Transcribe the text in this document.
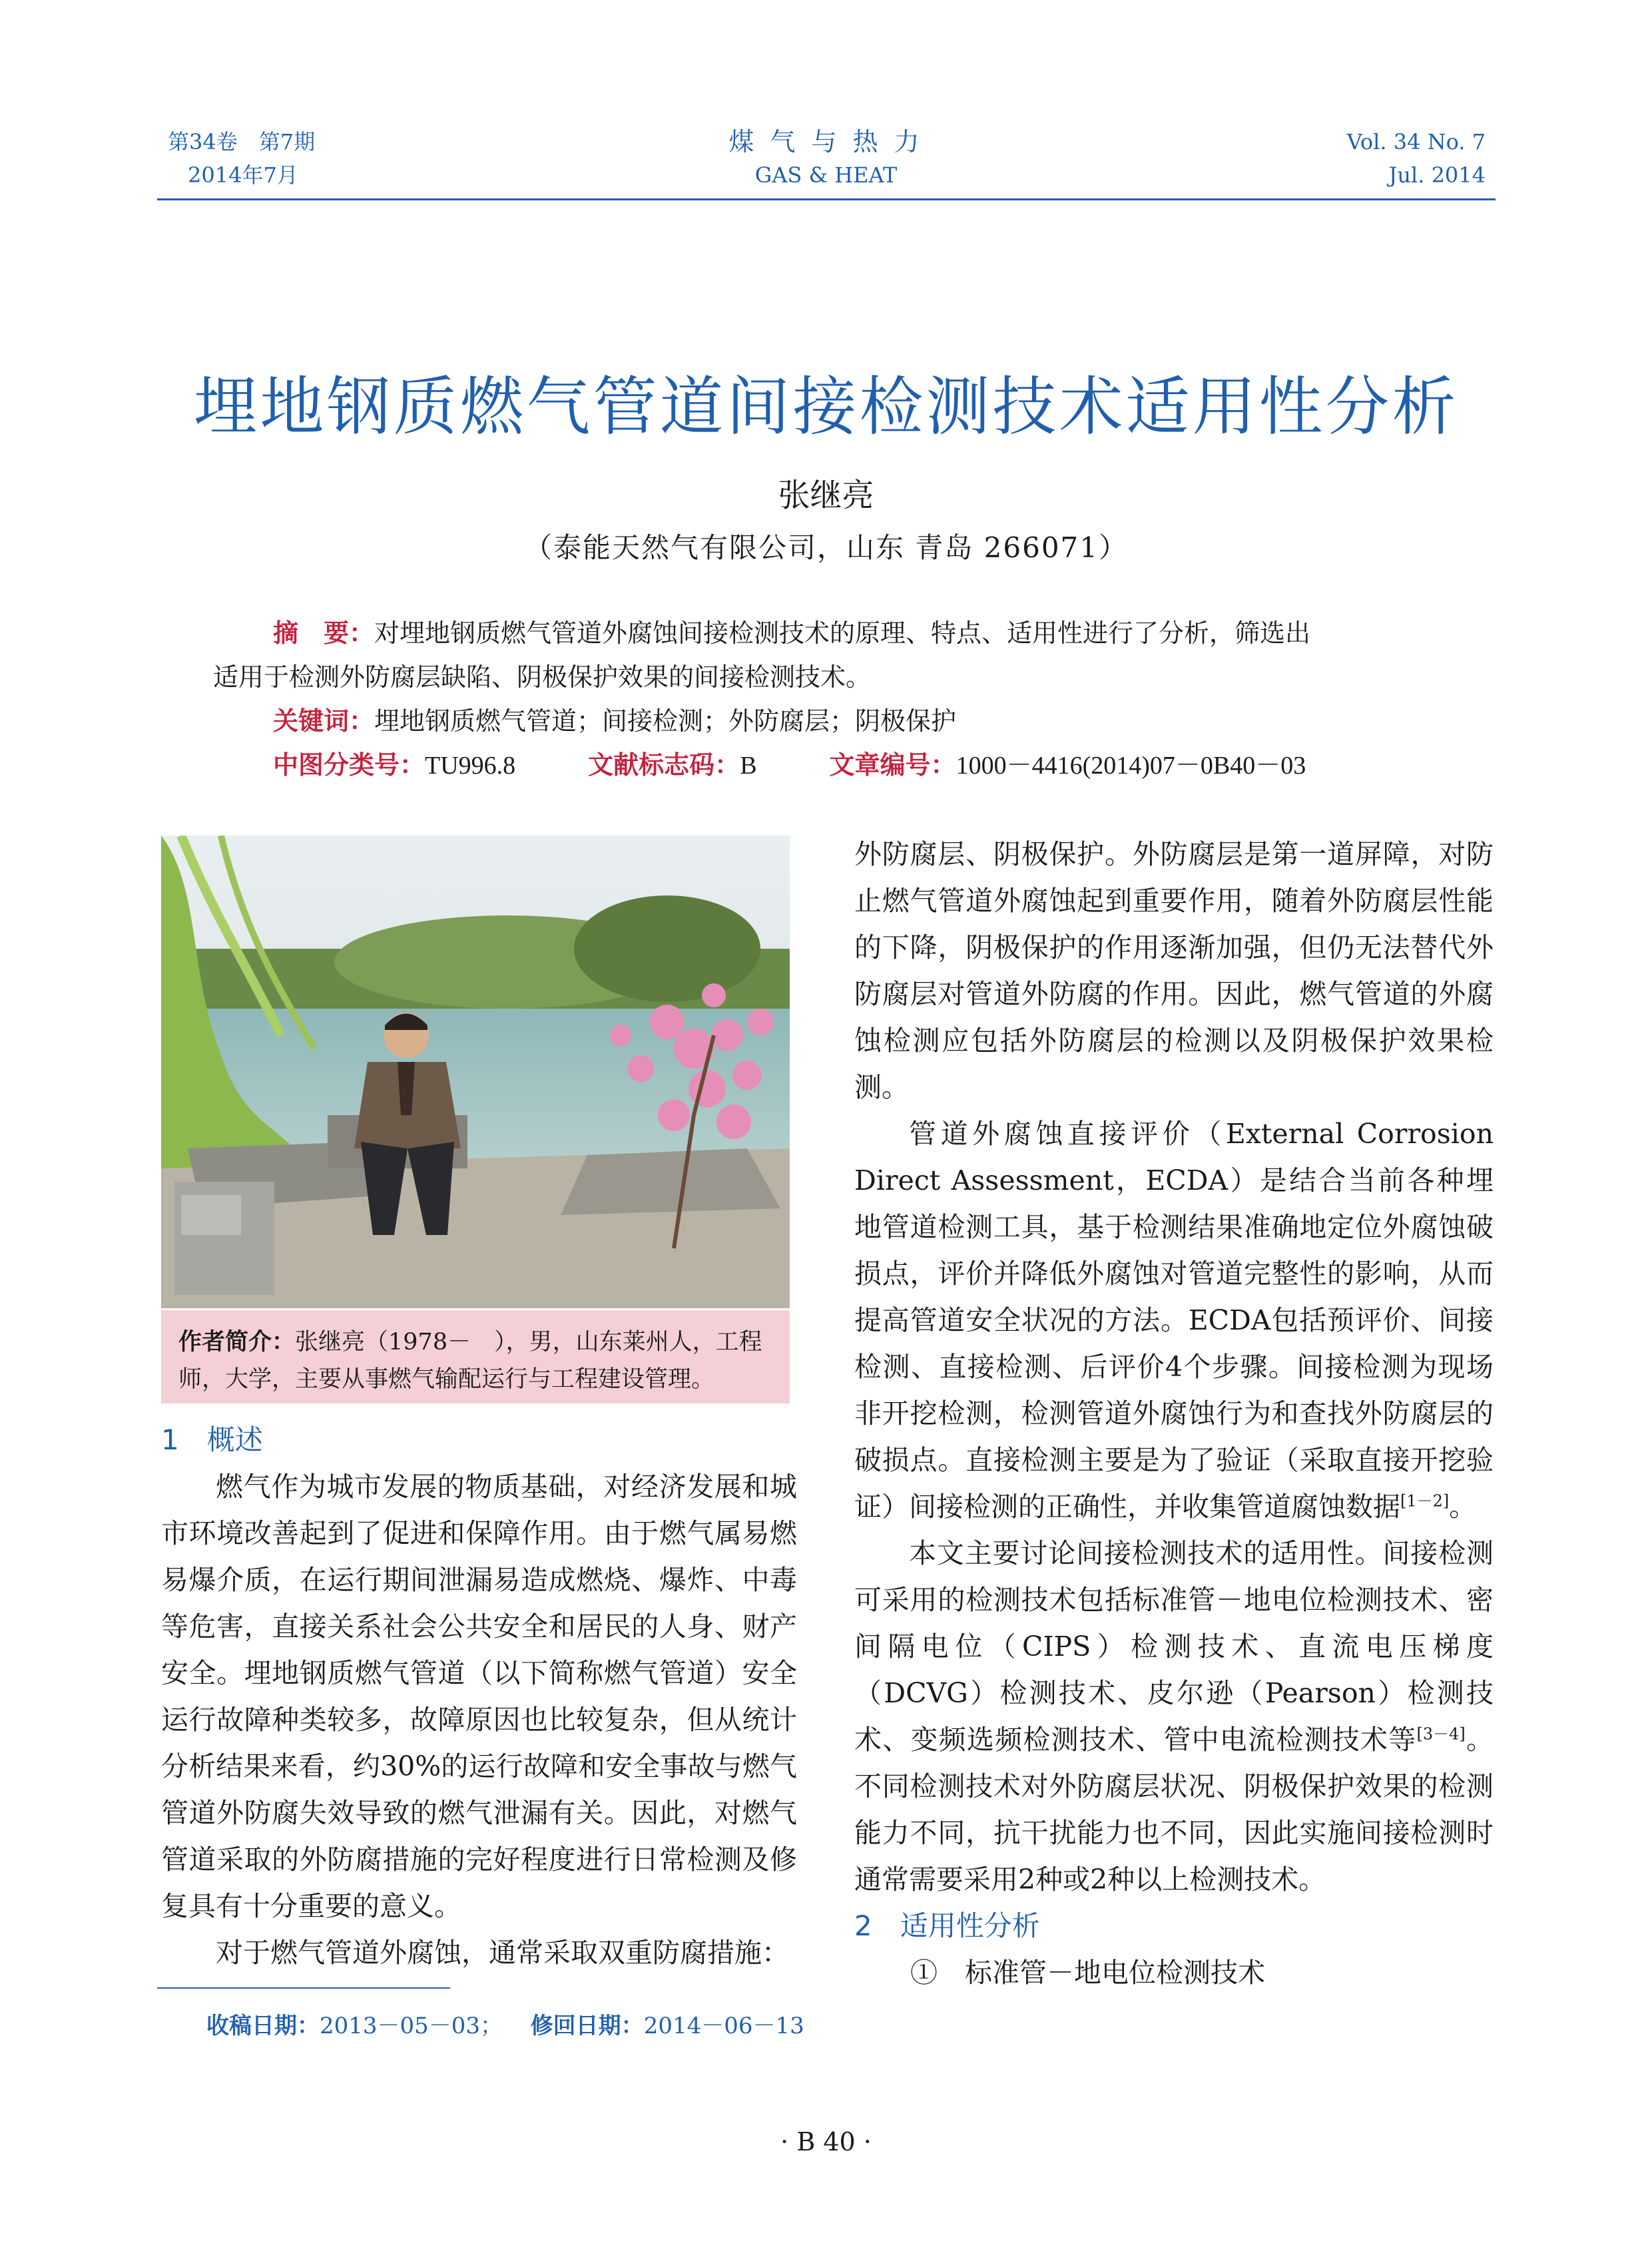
第34卷　第7期
2014年7月
煤 气 与 热 力
GAS & HEAT
Vol. 34 No. 7
Jul. 2014
埋地钢质燃气管道间接检测技术适用性分析
张继亮
（泰能天然气有限公司，山东 青岛 266071）
摘　要：对埋地钢质燃气管道外腐蚀间接检测技术的原理、特点、适用性进行了分析，筛选出
适用于检测外防腐层缺陷、阴极保护效果的间接检测技术。
关键词：埋地钢质燃气管道；间接检测；外防腐层；阴极保护
中图分类号：TU996.8	文献标志码：B	文章编号：1000－4416(2014)07－0B40－03
作者简介：张继亮（1978－　），男，山东莱州人，工程
师，大学，主要从事燃气输配运行与工程建设管理。
1　概述

燃气作为城市发展的物质基础，对经济发展和城市环境改善起到了促进和保障作用。由于燃气属易燃易爆介质，在运行期间泄漏易造成燃烧、爆炸、中毒等危害，直接关系社会公共安全和居民的人身、财产安全。埋地钢质燃气管道（以下简称燃气管道）安全运行故障种类较多，故障原因也比较复杂，但从统计分析结果来看，约30%的运行故障和安全事故与燃气管道外防腐失效导致的燃气泄漏有关。因此，对燃气管道采取的外防腐措施的完好程度进行日常检测及修复具有十分重要的意义。

对于燃气管道外腐蚀，通常采取双重防腐措施：

外防腐层、阴极保护。外防腐层是第一道屏障，对防止燃气管道外腐蚀起到重要作用，随着外防腐层性能的下降，阴极保护的作用逐渐加强，但仍无法替代外防腐层对管道外防腐的作用。因此，燃气管道的外腐蚀检测应包括外防腐层的检测以及阴极保护效果检测。

管道外腐蚀直接评价（External Corrosion Direct Assessment，ECDA）是结合当前各种埋地管道检测工具，基于检测结果准确地定位外腐蚀破损点，评价并降低外腐蚀对管道完整性的影响，从而提高管道安全状况的方法。ECDA包括预评价、间接检测、直接检测、后评价4个步骤。间接检测为现场非开挖检测，检测管道外腐蚀行为和查找外防腐层的破损点。直接检测主要是为了验证（采取直接开挖验证）间接检测的正确性，并收集管道腐蚀数据[1－2]。

本文主要讨论间接检测技术的适用性。间接检测可采用的检测技术包括标准管－地电位检测技术、密间隔电位（CIPS）检测技术、直流电压梯度（DCVG）检测技术、皮尔逊（Pearson）检测技术、变频选频检测技术、管中电流检测技术等[3－4]。不同检测技术对外防腐层状况、阴极保护效果的检测能力不同，抗干扰能力也不同，因此实施间接检测时通常需要采用2种或2种以上检测技术。

2　适用性分析
①　标准管－地电位检测技术
收稿日期：2013－05－03； 修回日期：2014－06－13
· B 40 ·
